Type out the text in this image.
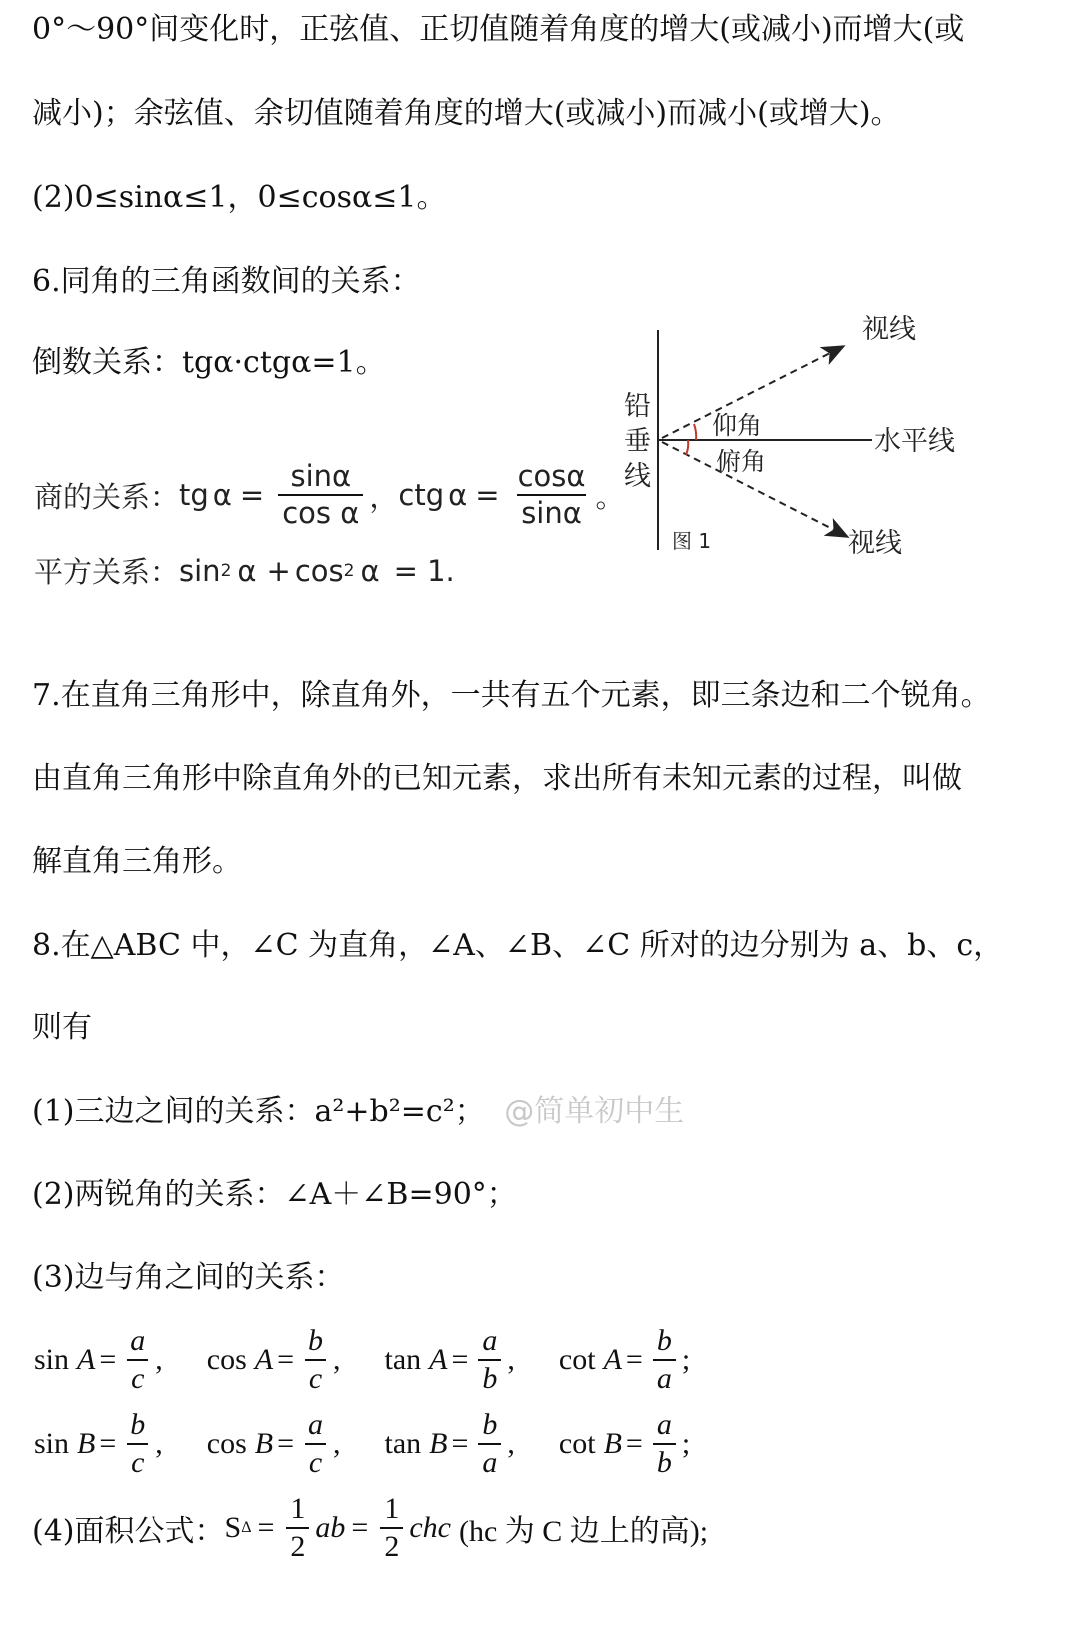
0°～90°间变化时，正弦值、正切值随着角度的增大(或减小)而增大(或
减小)；余弦值、余切值随着角度的增大(或减小)而减小(或增大)。
(2)0≤sinα≤1，0≤cosα≤1。
6.同角的三角函数间的关系：
倒数关系：tgα·ctgα=1。
商的关系： tg $\alpha = \frac{\sin\alpha}{\text{cos α}}$ ， ctg $\alpha = \frac{\cos\alpha}{\sin\alpha}$ 。
平方关系： sin 2 α + cos 2 α = 1.
视线
铅
垂
线
仰角
水平线
俯角
图 1	视线
7.在直角三角形中，除直角外，一共有五个元素，即三条边和二个锐角。
由直角三角形中除直角外的已知元素，求出所有未知元素的过程，叫做
解直角三角形。
8.在△ABC 中，∠C 为直角，∠A、∠B、∠C 所对的边分别为 a、b、c，
则有
(1)三边之间的关系：a²+b²=c²； @简单初中生
(2)两锐角的关系：∠A＋∠B=90°；
(3)边与角之间的关系：
$\sin A = \frac{a}{c}$ , $\cos A = \frac{b}{c}$ , $\tan A = \frac{a}{b}$ , $\cot A = \frac{b}{a}$ ;
$\sin B = \frac{b}{c}$ , $\cos B = \frac{a}{c}$ , $\tan B = \frac{b}{a}$ , $\cot B = \frac{a}{b}$ ;
(4)面积公式： S $\Delta = \frac{1}{2}$ ab = $\frac{1}{2}$ chc (hc 为 C 边上的高);
